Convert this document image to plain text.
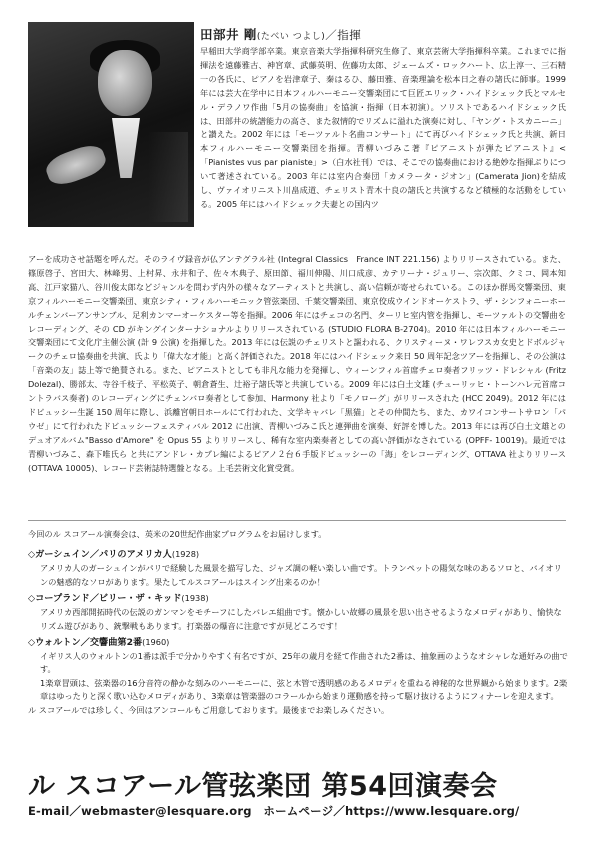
田部井 剛(たべい つよし)／指揮

早稲田大学商学部卒業。東京音楽大学指揮科研究生修了、東京芸術大学指揮科卒業。これまでに指揮法を遠藤雅古、神宮章、武藤英明、佐藤功太郎、ジェームズ・ロックハート、広上淳一、三石精一の各氏に、ピアノを岩津章子、秦はるひ、藤田雅、音楽理論を松本日之春の諸氏に師事。1999 年には芸大在学中に日本フィルハーモニー交響楽団にて巨匠エリック・ハイドシェック氏とマルセル・デラノワ作曲「5月の協奏曲」を協演・指揮（日本初演）。ソリストであるハイドシェック氏は、田部井の統譜能力の高さ、また叙情的でリズムに溢れた演奏に対し、「ヤング・トスカニーニ」と讃えた。2002 年には「モーツァルト名曲コンサート」にて再びハイドシェック氏と共演、新日本フィルハーモニー交響楽団を指揮。青柳いづみこ著『ピアニストが弾たピアニスト』<「Pianistes vus par pianiste」>（白水社刊）では、そこでの協奏曲における絶妙な指揮ぶりについて著述されている。2003 年には室内合奏団「カメラータ・ジオン」(Camerata Jion)を結成し、ヴァイオリニスト川畠成道、チェリスト青木十良の諸氏と共演するなど積極的な活動をしている。2005 年にはハイドシェック夫妻との国内ツ

アーを成功させ話題を呼んだ。そのライヴ録音が仏アンテグラル社 (Integral Classics　France INT 221.156) よりリリースされている。また、篠原啓子、宮田大、林峰男、上村昇、永井和子、佐々木典子、原田節、福川伸陽、川口成彦、カテリーナ・ジュリー、宗次郎、クミコ、岡本知高、江戸家猫八、谷川俊太郎などジャンルを問わず内外の様々なアーティストと共演し、高い信頼が寄せられている。このほか群馬交響楽団、東京フィルハーモニー交響楽団、東京シティ・フィルハーモニック管弦楽団、千葉交響楽団、東京佼成ウインドオーケストラ、ザ・シンフォニーホールチェンバーアンサンブル、足利カンマーオーケスター等を指揮。2006 年にはチェコの名門、ターリヒ室内管を指揮し、モーツァルトの交響曲をレコーディング、その CD がキングインターナショナルよりリリースされている (STUDIO FLORA B-2704)。2010 年には日本フィルハーモニー交響楽団にて文化庁主催公演 (計 9 公演) を指揮した。2013 年には伝説のチェリストと謳われる、クリスティーヌ・ワレフスカ女史とドボルジャークのチェロ協奏曲を共演、氏より「偉大な才能」と高く評価された。2018 年にはハイドシェック来日 50 周年記念ツアーを指揮し、その公演は「音楽の友」誌上等で絶賛される。また、ピアニストとしても非凡な能力を発揮し、ウィーンフィル首席チェロ奏者フリッツ・ドレシャル (Fritz Dolezal)、勝部太、寺谷千枝子、平松英子、朝倉蒼生、辻裕子諸氏等と共演している。2009 年には白土文雄 (チューリッヒ・トーンハレ元首席コントラバス奏者) のレコーディングにチェンバロ奏者として参加、Harmony 社より「モノローグ」がリリースされた (HCC 2049)。2012 年にはドビュッシー生誕 150 周年に際し、浜離宮朝日ホールにて行われた、文学キャバレ「黒猫」とその仲間たち、また、カワイコンサートサロン「パウゼ」にて行われたドビュッシーフェスティバル 2012 に出演、青柳いづみこ氏と連弾曲を演奏、好評を博した。2013 年には再び白土文雄とのデュオアルバム"Basso d'Amore" を Opus 55 よりリリースし、稀有な室内楽奏者としての高い評価がなされている (OPFF- 10019)。最近では青柳いづみこ、森下唯氏ら と共にアンドレ・カプレ編によるピアノ２台６手版ドビュッシーの「海」をレコーディング、OTTAVA 社よりリリース (OTTAVA 10005)、レコード芸術誌特選盤となる。上毛芸術文化賞受賞。

今回のル スコアール演奏会は、英米の20世紀作曲家プログラムをお届けします。

◇ガーシュイン／パリのアメリカ人(1928)

アメリカ人のガーシュインがパリで経験した風景を描写した、ジャズ調の軽い楽しい曲です。トランペットの陽気な味のあるソロと、バイオリンの魅惑的なソロがあります。果たしてルスコアールはスイング出来るのか！

◇コープランド／ビリー・ザ・キッド(1938)

アメリカ西部開拓時代の伝説のガンマンをモチーフにしたバレエ組曲です。懐かしい故郷の風景を思い出させるようなメロディがあり、愉快なリズム遊びがあり、銃撃戦もあります。打楽器の爆音に注意ですが見どころです！

◇ウォルトン／交響曲第2番(1960)

イギリス人のウォルトンの1番は派手で分かりやすく有名ですが、25年の歳月を経て作曲された2番は、抽象画のようなオシャレな通好みの曲です。

1楽章冒頭は、弦楽器の16分音符の静かな刻みのハーモニーに、弦と木管で透明感のあるメロディを重ねる神秘的な世界観から始まります。2楽章はゆったりと深く歌い込むメロディがあり、3楽章は管楽器のコラールから始まり運動感を持って駆け抜けるようにフィナーレを迎えます。

ル スコアールでは珍しく、今回はアンコールもご用意しております。最後までお楽しみください。

ル スコアール管弦楽団 第54回演奏会
E-mail／webmaster@lesquare.org　ホームページ／https://www.lesquare.org/
